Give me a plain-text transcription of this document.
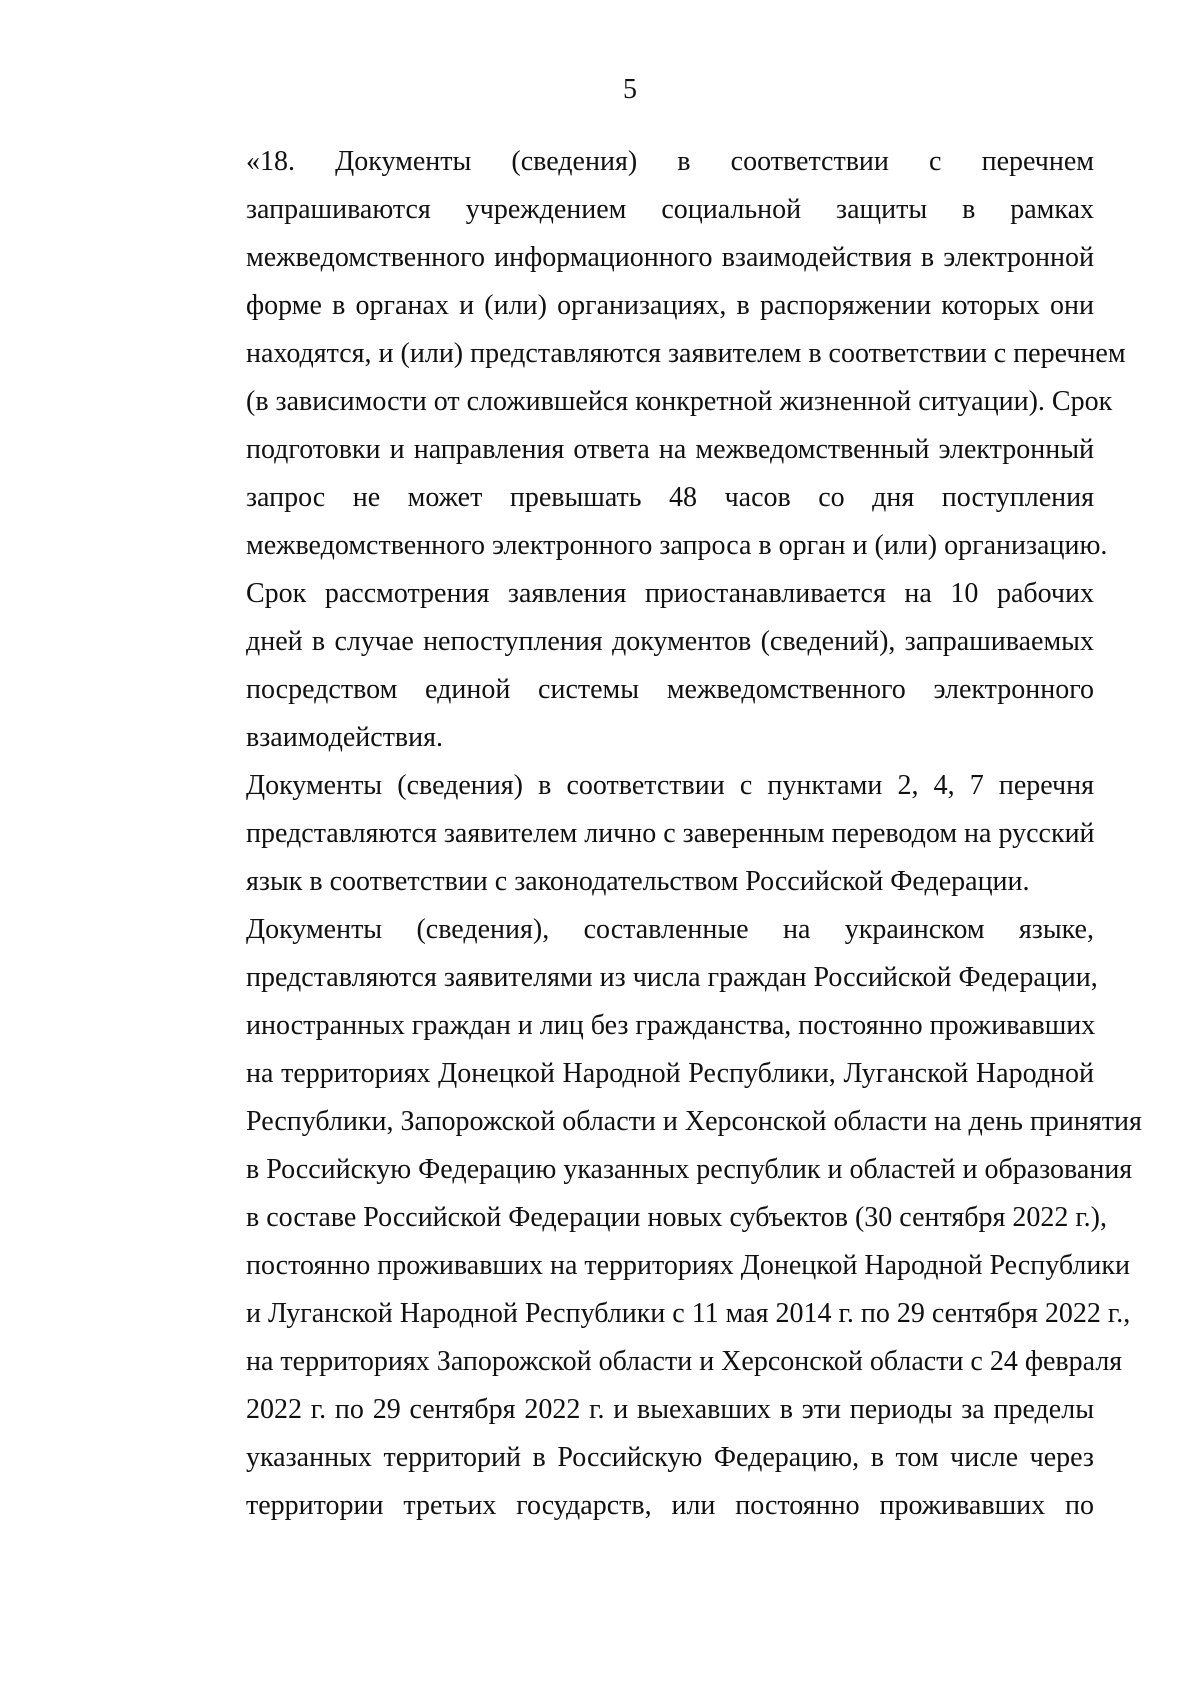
5

«18. Документы (сведения) в соответствии с перечнем
запрашиваются учреждением социальной защиты в рамках
межведомственного информационного взаимодействия в электронной
форме в органах и (или) организациях, в распоряжении которых они
находятся, и (или) представляются заявителем в соответствии с перечнем
(в зависимости от сложившейся конкретной жизненной ситуации). Срок
подготовки и направления ответа на межведомственный электронный
запрос не может превышать 48 часов со дня поступления
межведомственного электронного запроса в орган и (или) организацию.

Срок рассмотрения заявления приостанавливается на 10 рабочих
дней в случае непоступления документов (сведений), запрашиваемых
посредством единой системы межведомственного электронного
взаимодействия.

Документы (сведения) в соответствии с пунктами 2, 4, 7 перечня
представляются заявителем лично с заверенным переводом на русский
язык в соответствии с законодательством Российской Федерации.

Документы (сведения), составленные на украинском языке,
представляются заявителями из числа граждан Российской Федерации,
иностранных граждан и лиц без гражданства, постоянно проживавших
на территориях Донецкой Народной Республики, Луганской Народной
Республики, Запорожской области и Херсонской области на день принятия
в Российскую Федерацию указанных республик и областей и образования
в составе Российской Федерации новых субъектов (30 сентября 2022 г.),
постоянно проживавших на территориях Донецкой Народной Республики
и Луганской Народной Республики с 11 мая 2014 г. по 29 сентября 2022 г.,
на территориях Запорожской области и Херсонской области с 24 февраля
2022 г. по 29 сентября 2022 г. и выехавших в эти периоды за пределы
указанных территорий в Российскую Федерацию, в том числе через
территории третьих государств, или постоянно проживавших по
